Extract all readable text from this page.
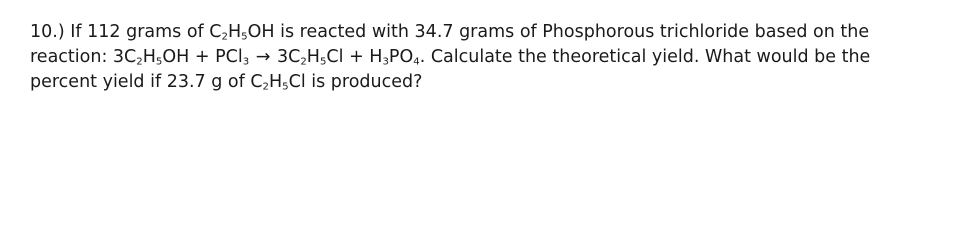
10.) If 112 grams of $C_2H_5OH$ is reacted with 34.7 grams of Phosphorous trichloride based on the
reaction: $3C_2H_5OH + PCl_3 \to 3C_2H_5Cl + H_3PO_4$. Calculate the theoretical yield. What would be the
percent yield if 23.7 g of $C_2H_5Cl$ is produced?
